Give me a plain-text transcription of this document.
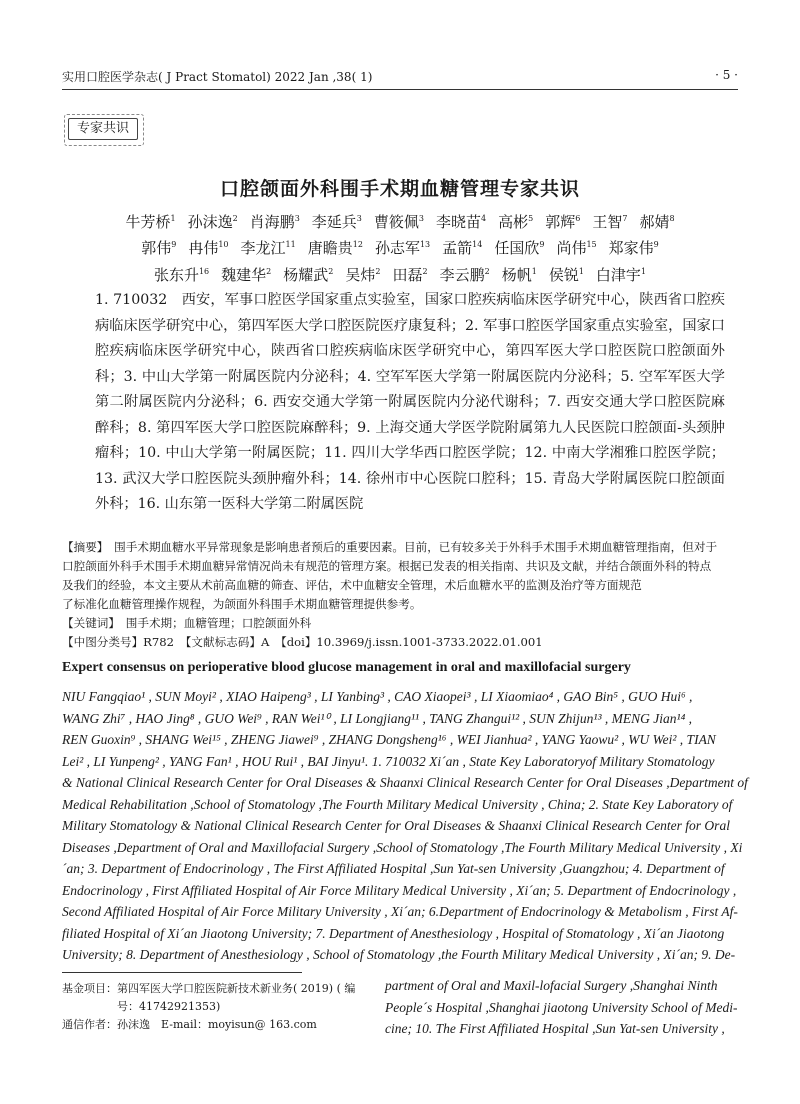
实用口腔医学杂志( J Pract Stomatol) 2022 Jan ,38( 1)	· 5 ·
专家共识
口腔颌面外科围手术期血糖管理专家共识
牛芳桥$^1$ 孙沫逸$^2$ 肖海鹏$^3$ 李延兵$^3$ 曹筱佩$^3$ 李晓苗$^4$ 高彬$^5$ 郭辉$^6$ 王智$^7$ 郝婧$^8$
郭伟$^9$ 冉伟$^{10}$ 李龙江$^{11}$ 唐瞻贵$^{12}$ 孙志军$^{13}$ 孟箭$^{14}$ 任国欣$^9$ 尚伟$^{15}$ 郑家伟$^9$
张东升$^{16}$ 魏建华$^2$ 杨耀武$^2$ 吴炜$^2$ 田磊$^2$ 李云鹏$^2$ 杨帆$^1$ 侯锐$^1$ 白津宇$^1$

1. 710032　西安，军事口腔医学国家重点实验室，国家口腔疾病临床医学研究中心，陕西省口腔疾病临床医学研究中心，第四军医大学口腔医院医疗康复科；2. 军事口腔医学国家重点实验室，国家口腔疾病临床医学研究中心，陕西省口腔疾病临床医学研究中心，第四军医大学口腔医院口腔颌面外科；3. 中山大学第一附属医院内分泌科；4. 空军军医大学第一附属医院内分泌科；5. 空军军医大学第二附属医院内分泌科；6. 西安交通大学第一附属医院内分泌代谢科；7. 西安交通大学口腔医院麻醉科；8. 第四军医大学口腔医院麻醉科；9. 上海交通大学医学院附属第九人民医院口腔颌面-头颈肿瘤科；10. 中山大学第一附属医院；11. 四川大学华西口腔医学院；12. 中南大学湘雅口腔医学院；13. 武汉大学口腔医院头颈肿瘤外科；14. 徐州市中心医院口腔科；15. 青岛大学附属医院口腔颌面外科；16. 山东第一医科大学第二附属医院

【摘要】　围手术期血糖水平异常现象是影响患者预后的重要因素。目前，已有较多关于外科手术围手术期血糖管理指南，但对于
口腔颌面外科手术围手术期血糖异常情况尚未有规范的管理方案。根据已发表的相关指南、共识及文献，并结合颌面外科的特点
及我们的经验，本文主要从术前高血糖的筛查、评估，术中血糖安全管理，术后血糖水平的监测及治疗等方面规范
了标准化血糖管理操作规程，为颌面外科围手术期血糖管理提供参考。
【关键词】　围手术期；血糖管理；口腔颌面外科
【中图分类号】R782　【文献标志码】A　【doi】10.3969/j.issn.1001-3733.2022.01.001
Expert consensus on perioperative blood glucose management in oral and maxillofacial surgery
NIU Fangqiao¹ , SUN Moyi² , XIAO Haipeng³ , LI Yanbing³ , CAO Xiaopei³ , LI Xiaomiao⁴ , GAO Bin⁵ , GUO Hui⁶ ,
WANG Zhi⁷ , HAO Jing⁸ , GUO Wei⁹ , RAN Wei¹⁰ , LI Longjiang¹¹ , TANG Zhangui¹² , SUN Zhijun¹³ , MENG Jian¹⁴ ,
REN Guoxin⁹ , SHANG Wei¹⁵ , ZHENG Jiawei⁹ , ZHANG Dongsheng¹⁶ , WEI Jianhua² , YANG Yaowu² , WU Wei² , TIAN
Lei² , LI Yunpeng² , YANG Fan¹ , HOU Rui¹ , BAI Jinyu¹. 1. 710032 Xi´an , State Key Laboratoryof Military Stomatology
& National Clinical Research Center for Oral Diseases & Shaanxi Clinical Research Center for Oral Diseases ,Department of
Medical Rehabilitation ,School of Stomatology ,The Fourth Military Medical University , China; 2. State Key Laboratory of
Military Stomatology & National Clinical Research Center for Oral Diseases & Shaanxi Clinical Research Center for Oral
Diseases ,Department of Oral and Maxillofacial Surgery ,School of Stomatology ,The Fourth Military Medical University , Xi
´an; 3. Department of Endocrinology , The First Affiliated Hospital ,Sun Yat-sen University ,Guangzhou; 4. Department of
Endocrinology , First Affiliated Hospital of Air Force Military Medical University , Xi´an; 5. Department of Endocrinology ,
Second Affiliated Hospital of Air Force Military University , Xi´an; 6.Department of Endocrinology & Metabolism , First Af-
filiated Hospital of Xi´an Jiaotong University; 7. Department of Anesthesiology , Hospital of Stomatology , Xi´an Jiaotong
University; 8. Department of Anesthesiology , School of Stomatology ,the Fourth Military Medical University , Xi´an; 9. De-
基金项目：第四军医大学口腔医院新技术新业务( 2019) ( 编
　　　　　号：41742921353)
通信作者：孙沫逸　E-mail：moyisun@ 163.com
partment of Oral and Maxil-lofacial Surgery ,Shanghai Ninth
People´s Hospital ,Shanghai jiaotong University School of Medi-
cine; 10. The First Affiliated Hospital ,Sun Yat-sen University ,
